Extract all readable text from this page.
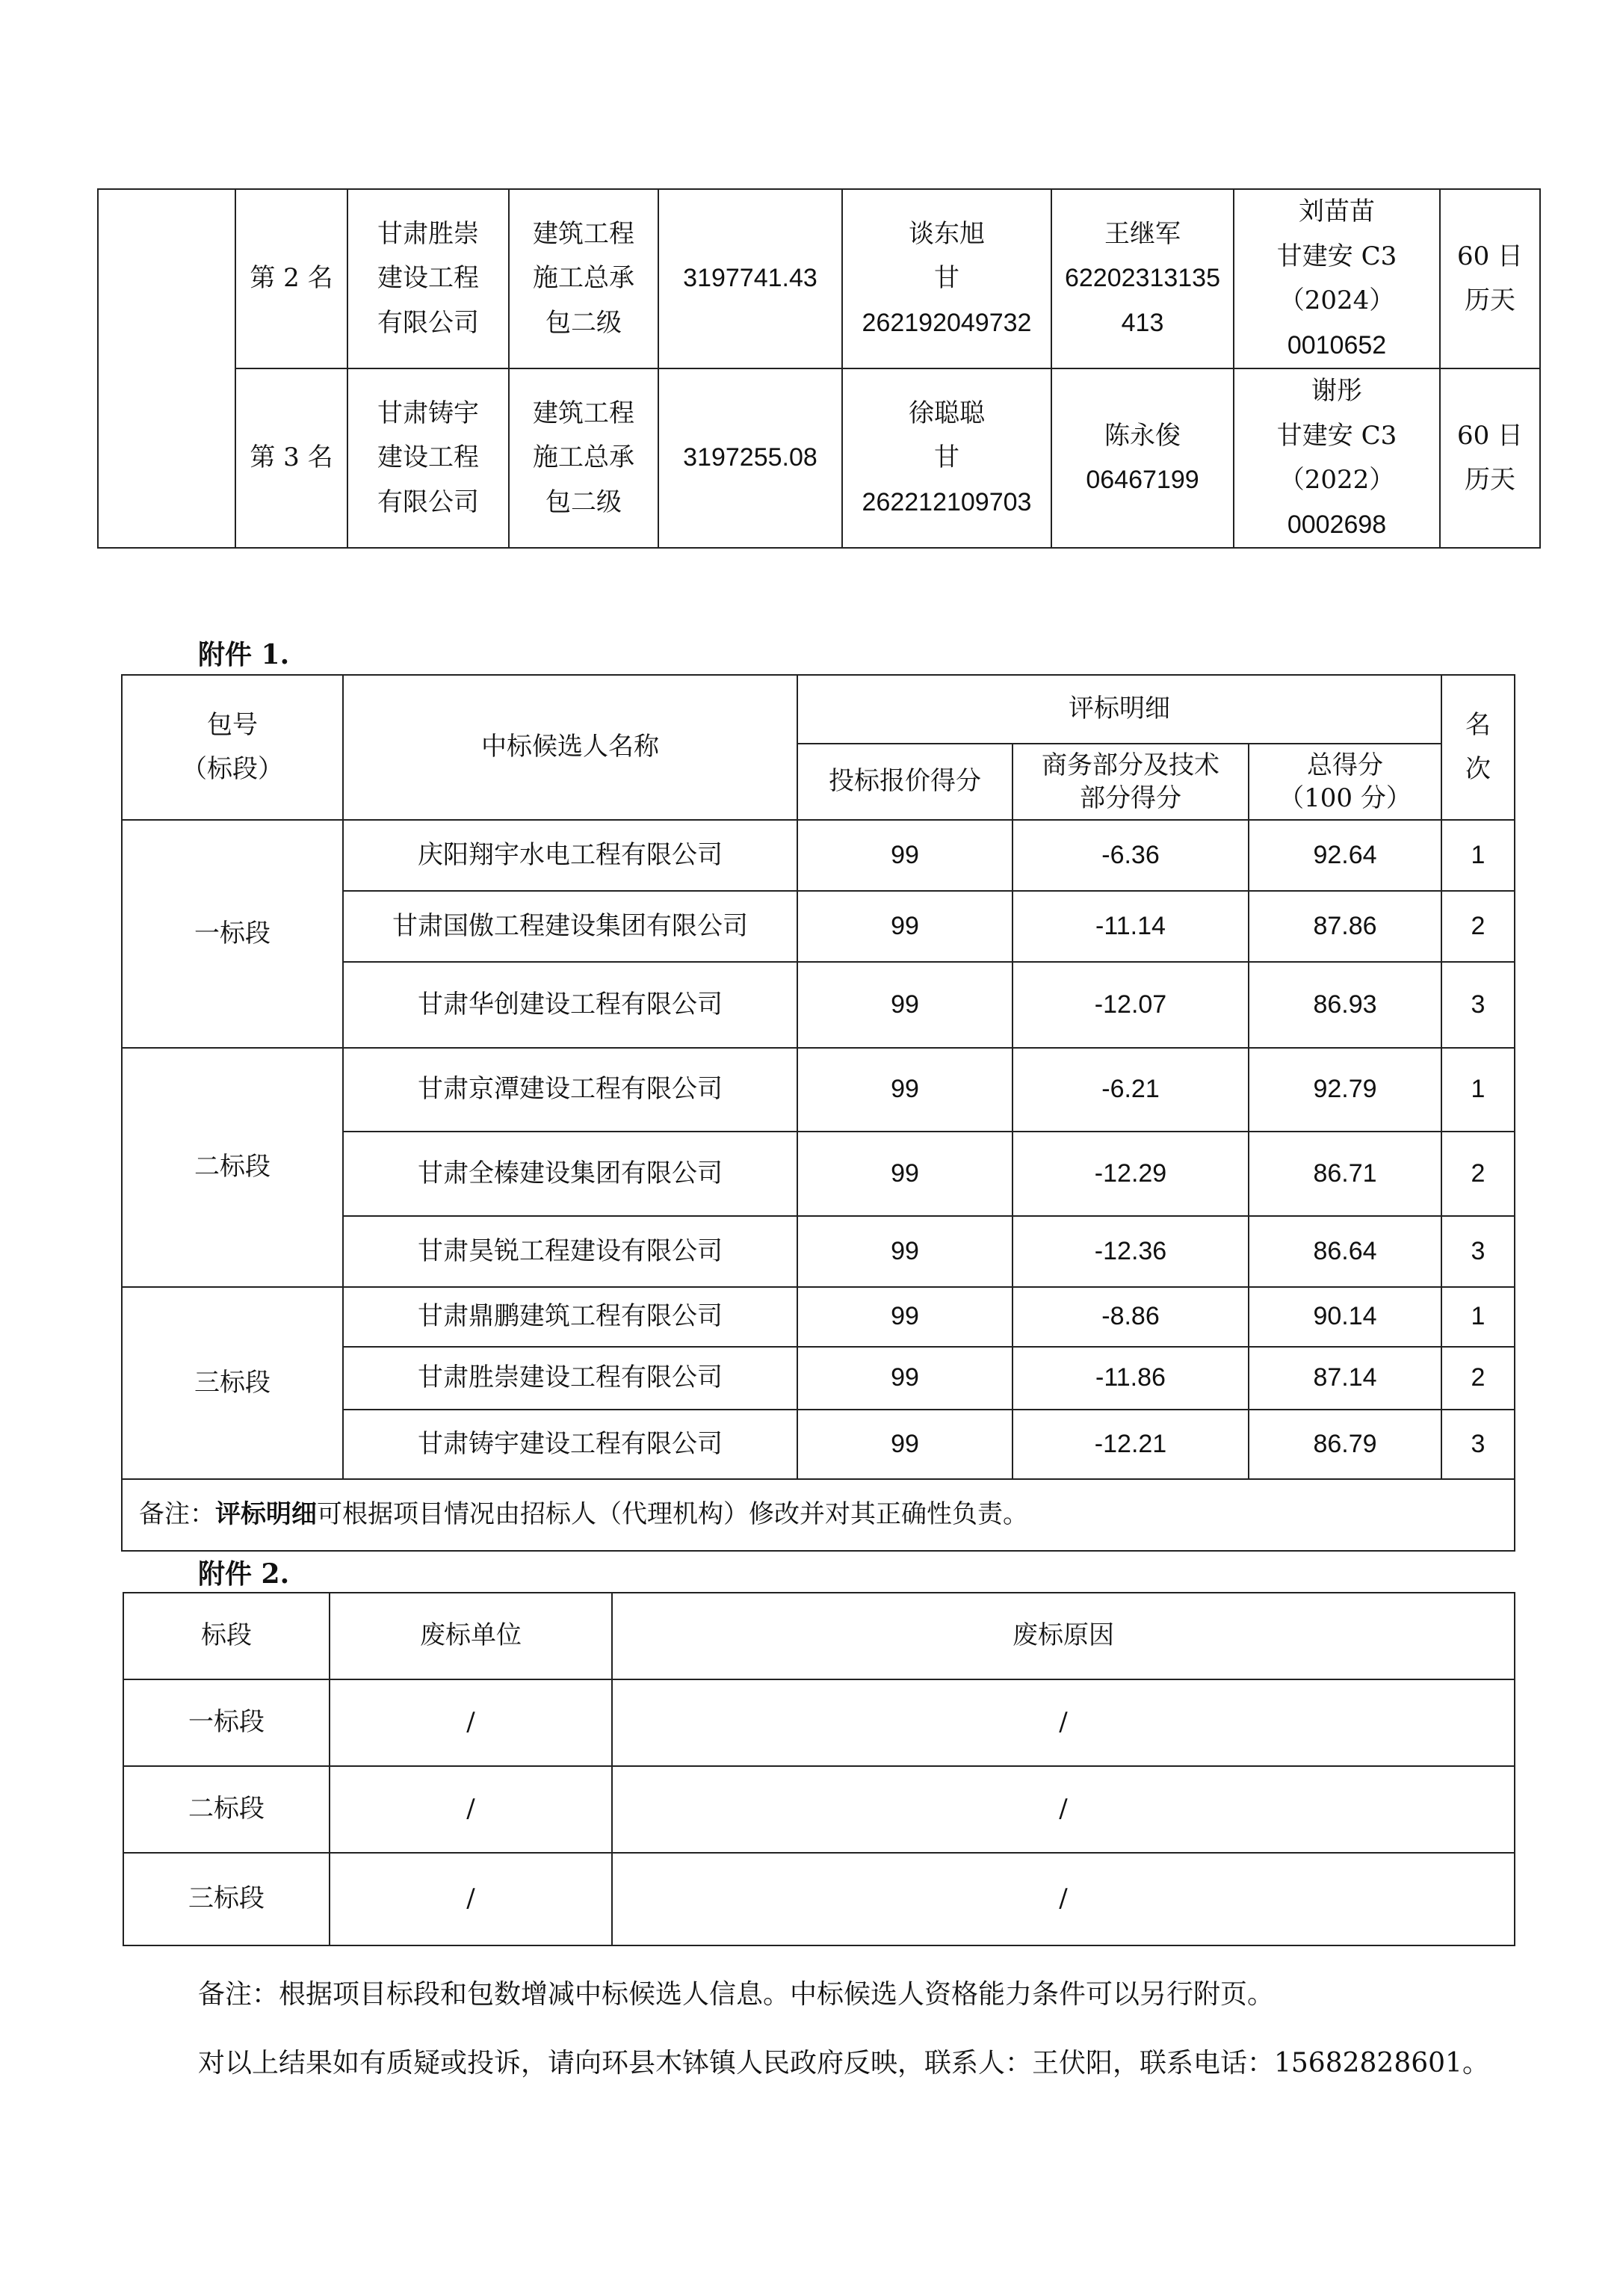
	第 2 名	甘肃胜崇
建设工程
有限公司	建筑工程
施工总承
包二级	3197741.43	谈东旭
甘
262192049732	王继军
62202313135
413	刘苗苗
甘建安 C3
（2024）
0010652	60 日
历天

	第 3 名	甘肃铸宇
建设工程
有限公司	建筑工程
施工总承
包二级	3197255.08	徐聪聪
甘
262212109703	陈永俊
06467199	谢彤
甘建安 C3
（2022）
0002698	60 日
历天
附件 1.
包号
（标段）	中标候选人名称	评标明细			名
次

		投标报价得分	商务部分及技术
部分得分	总得分
（100 分）	

一标段	庆阳翔宇水电工程有限公司	99	-6.36	92.64	1
	甘肃国傲工程建设集团有限公司	99	-11.14	87.86	2
	甘肃华创建设工程有限公司	99	-12.07	86.93	3
二标段	甘肃京潭建设工程有限公司	99	-6.21	92.79	1
	甘肃全榛建设集团有限公司	99	-12.29	86.71	2
	甘肃昊锐工程建设有限公司	99	-12.36	86.64	3
三标段	甘肃鼎鹏建筑工程有限公司	99	-8.86	90.14	1
	甘肃胜崇建设工程有限公司	99	-11.86	87.14	2
	甘肃铸宇建设工程有限公司	99	-12.21	86.79	3
备注：评标明细可根据项目情况由招标人（代理机构）修改并对其正确性负责。					
附件 2.
标段	废标单位	废标原因
一标段	/	/
二标段	/	/
三标段	/	/
备注：根据项目标段和包数增减中标候选人信息。中标候选人资格能力条件可以另行附页。
对以上结果如有质疑或投诉，请向环县木钵镇人民政府反映，联系人：王伏阳，联系电话：15682828601。
